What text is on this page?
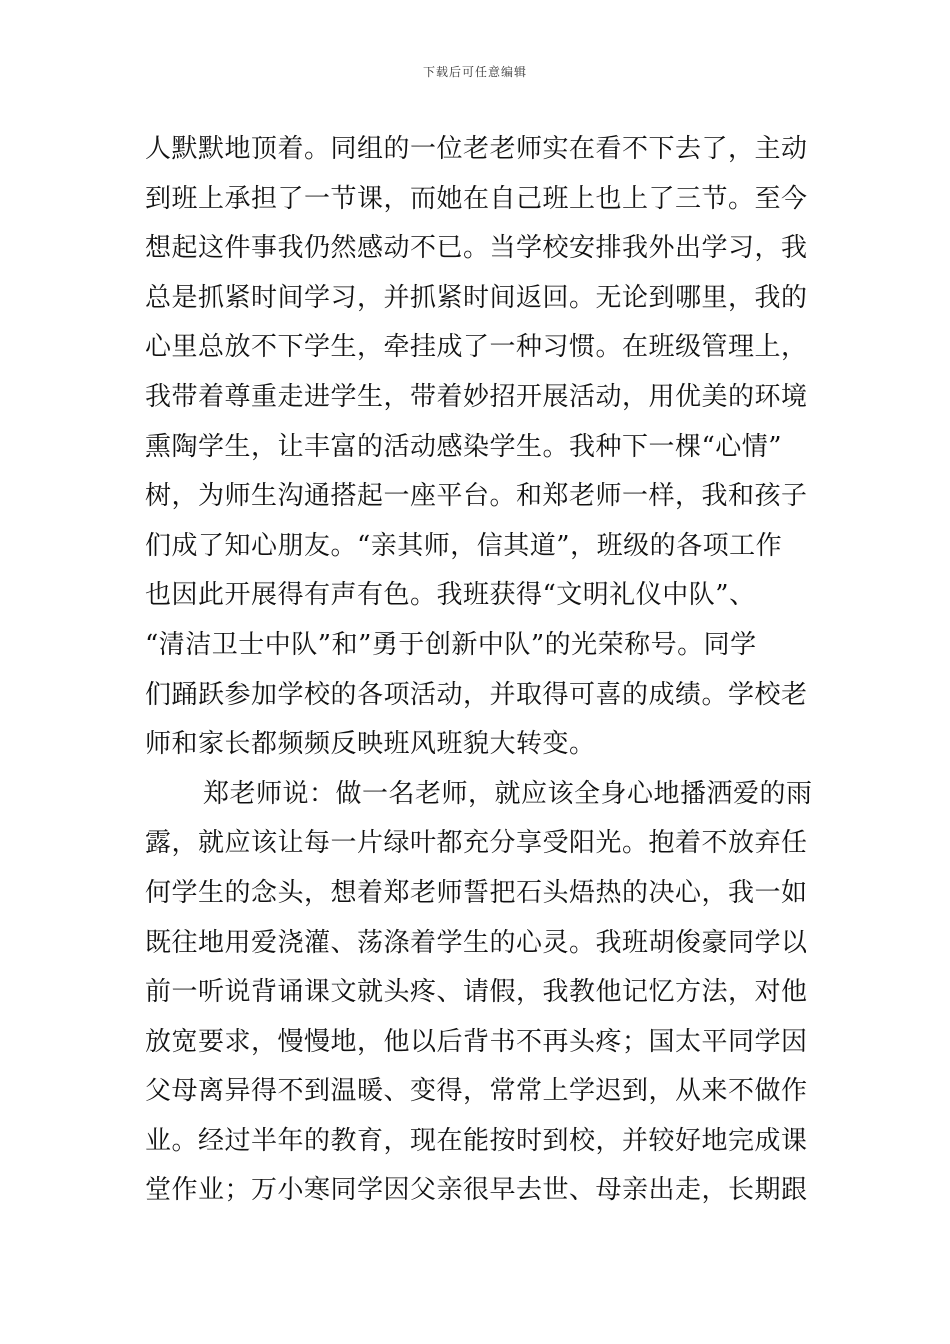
下载后可任意编辑
人默默地顶着。同组的一位老老师实在看不下去了，主动
到班上承担了一节课，而她在自己班上也上了三节。至今
想起这件事我仍然感动不已。当学校安排我外出学习，我
总是抓紧时间学习，并抓紧时间返回。无论到哪里，我的
心里总放不下学生，牵挂成了一种习惯。在班级管理上，
我带着尊重走进学生，带着妙招开展活动，用优美的环境
熏陶学生，让丰富的活动感染学生。我种下一棵“心情”
树，为师生沟通搭起一座平台。和郑老师一样，我和孩子
们成了知心朋友。“亲其师，信其道”，班级的各项工作
也因此开展得有声有色。我班获得“文明礼仪中队”、
“清洁卫士中队”和”勇于创新中队”的光荣称号。同学
们踊跃参加学校的各项活动，并取得可喜的成绩。学校老
师和家长都频频反映班风班貌大转变。
郑老师说：做一名老师，就应该全身心地播洒爱的雨
露，就应该让每一片绿叶都充分享受阳光。抱着不放弃任
何学生的念头，想着郑老师誓把石头焐热的决心，我一如
既往地用爱浇灌、荡涤着学生的心灵。我班胡俊豪同学以
前一听说背诵课文就头疼、请假，我教他记忆方法，对他
放宽要求，慢慢地，他以后背书不再头疼；国太平同学因
父母离异得不到温暖、变得，常常上学迟到，从来不做作
业。经过半年的教育，现在能按时到校，并较好地完成课
堂作业；万小寒同学因父亲很早去世、母亲出走，长期跟
